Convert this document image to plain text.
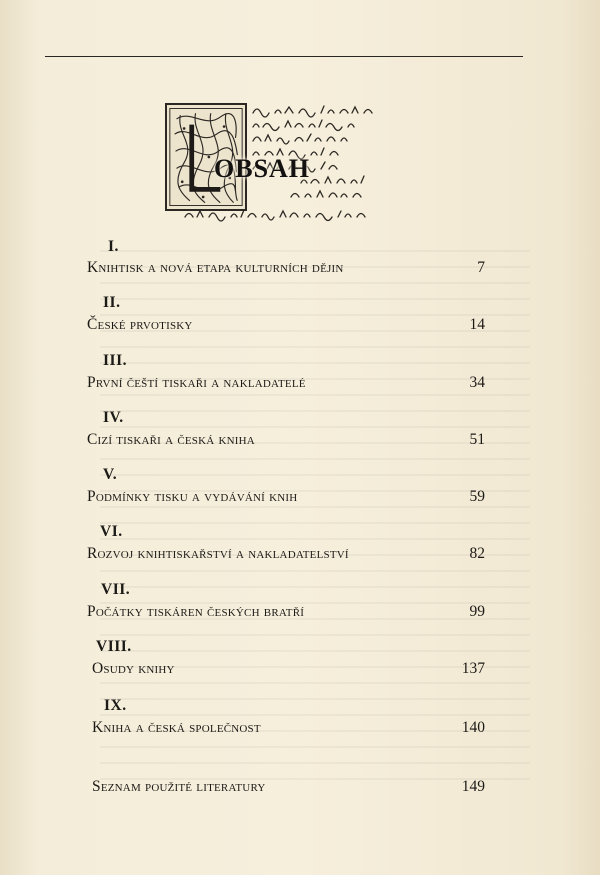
OBSAH
I.
Knihtisk a nová etapa kulturních dějin	7
II.
České prvotisky	14
III.
První čeští tiskaři a nakladatelé	34
IV.
Cizí tiskaři a česká kniha	51
V.
Podmínky tisku a vydávání knih	59
VI.
Rozvoj knihtiskařství a nakladatelství	82
VII.
Počátky tiskáren českých bratří	99
VIII.
Osudy knihy	137
IX.
Kniha a česká společnost	140
Seznam použité literatury	149
